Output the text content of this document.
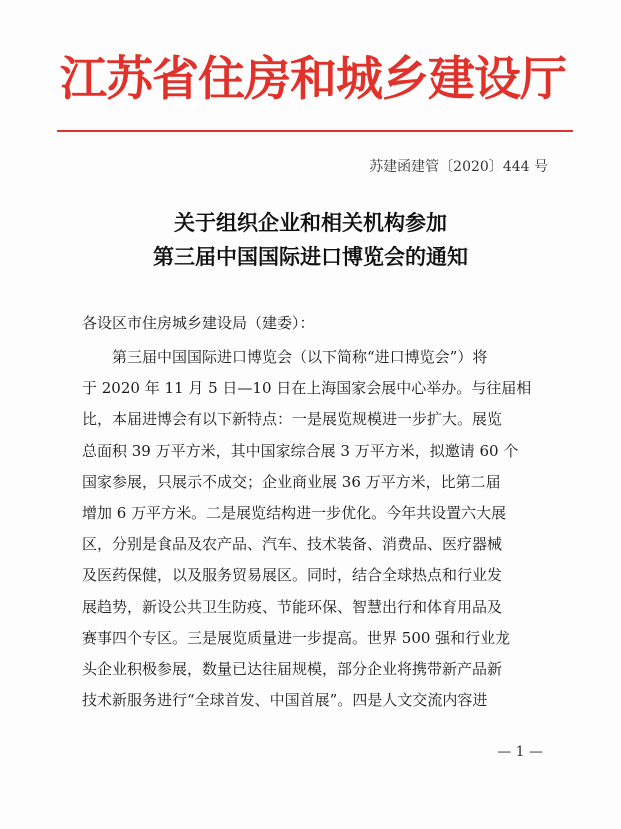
江苏省住房和城乡建设厅
苏建函建管〔2020〕444 号
关于组织企业和相关机构参加
第三届中国国际进口博览会的通知
各设区市住房城乡建设局（建委）：
第三届中国国际进口博览会（以下简称“进口博览会”）将
于 2020 年 11 月 5 日—10 日在上海国家会展中心举办。与往届相
比，本届进博会有以下新特点：一是展览规模进一步扩大。展览
总面积 39 万平方米，其中国家综合展 3 万平方米，拟邀请 60 个
国家参展，只展示不成交；企业商业展 36 万平方米，比第二届
增加 6 万平方米。二是展览结构进一步优化。今年共设置六大展
区，分别是食品及农产品、汽车、技术装备、消费品、医疗器械
及医药保健，以及服务贸易展区。同时，结合全球热点和行业发
展趋势，新设公共卫生防疫、节能环保、智慧出行和体育用品及
赛事四个专区。三是展览质量进一步提高。世界 500 强和行业龙
头企业积极参展，数量已达往届规模，部分企业将携带新产品新
技术新服务进行“全球首发、中国首展”。四是人文交流内容进
— 1 —
